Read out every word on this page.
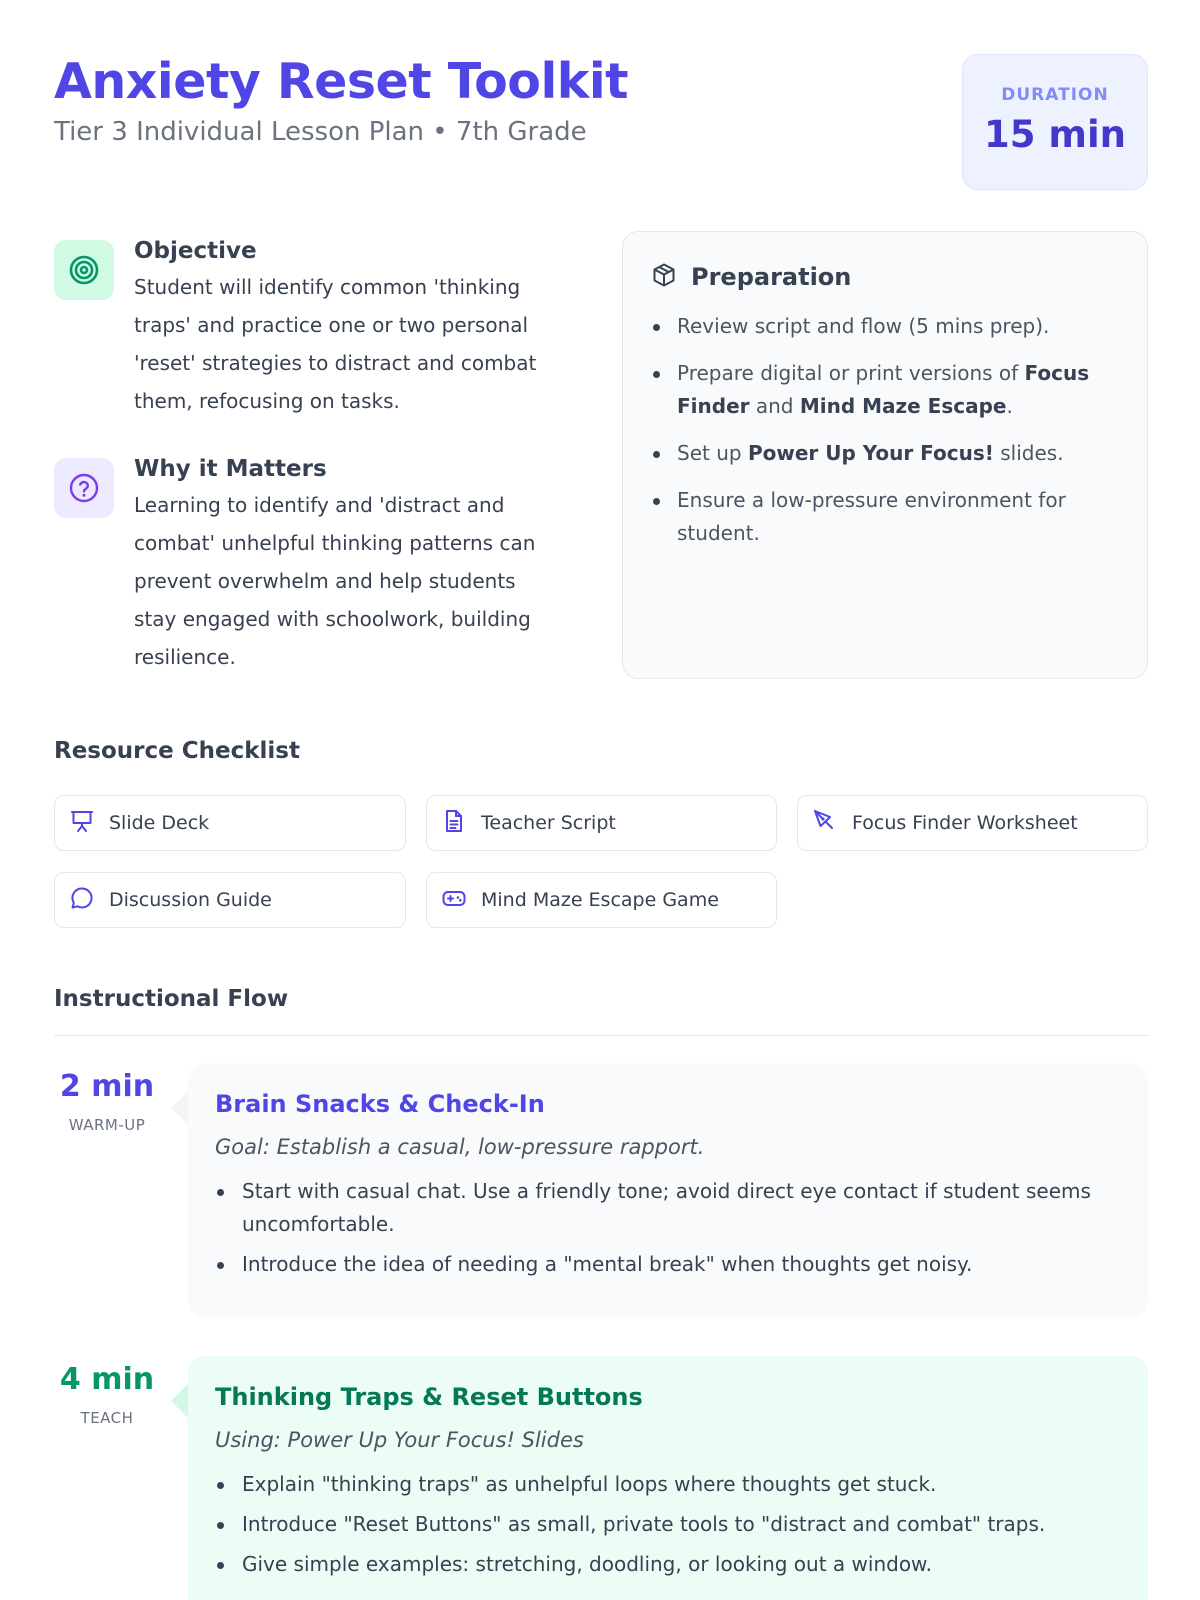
Anxiety Reset Toolkit
Tier 3 Individual Lesson Plan • 7th Grade
DURATION
15 min
Objective
Student will identify common 'thinking traps' and practice one or two personal 'reset' strategies to distract and combat them, refocusing on tasks.
Why it Matters
Learning to identify and 'distract and combat' unhelpful thinking patterns can prevent overwhelm and help students stay engaged with schoolwork, building resilience.
Preparation
Review script and flow (5 mins prep).
Prepare digital or print versions of Focus Finder and Mind Maze Escape.
Set up Power Up Your Focus! slides.
Ensure a low-pressure environment for student.
Resource Checklist
Slide Deck	Teacher Script	Focus Finder Worksheet
Discussion Guide	Mind Maze Escape Game
Instructional Flow
2 min
WARM-UP
Brain Snacks & Check-In
Goal: Establish a casual, low-pressure rapport.
Start with casual chat. Use a friendly tone; avoid direct eye contact if student seems uncomfortable.
Introduce the idea of needing a "mental break" when thoughts get noisy.
4 min
TEACH
Thinking Traps & Reset Buttons
Using: Power Up Your Focus! Slides
Explain "thinking traps" as unhelpful loops where thoughts get stuck.
Introduce "Reset Buttons" as small, private tools to "distract and combat" traps.
Give simple examples: stretching, doodling, or looking out a window.
